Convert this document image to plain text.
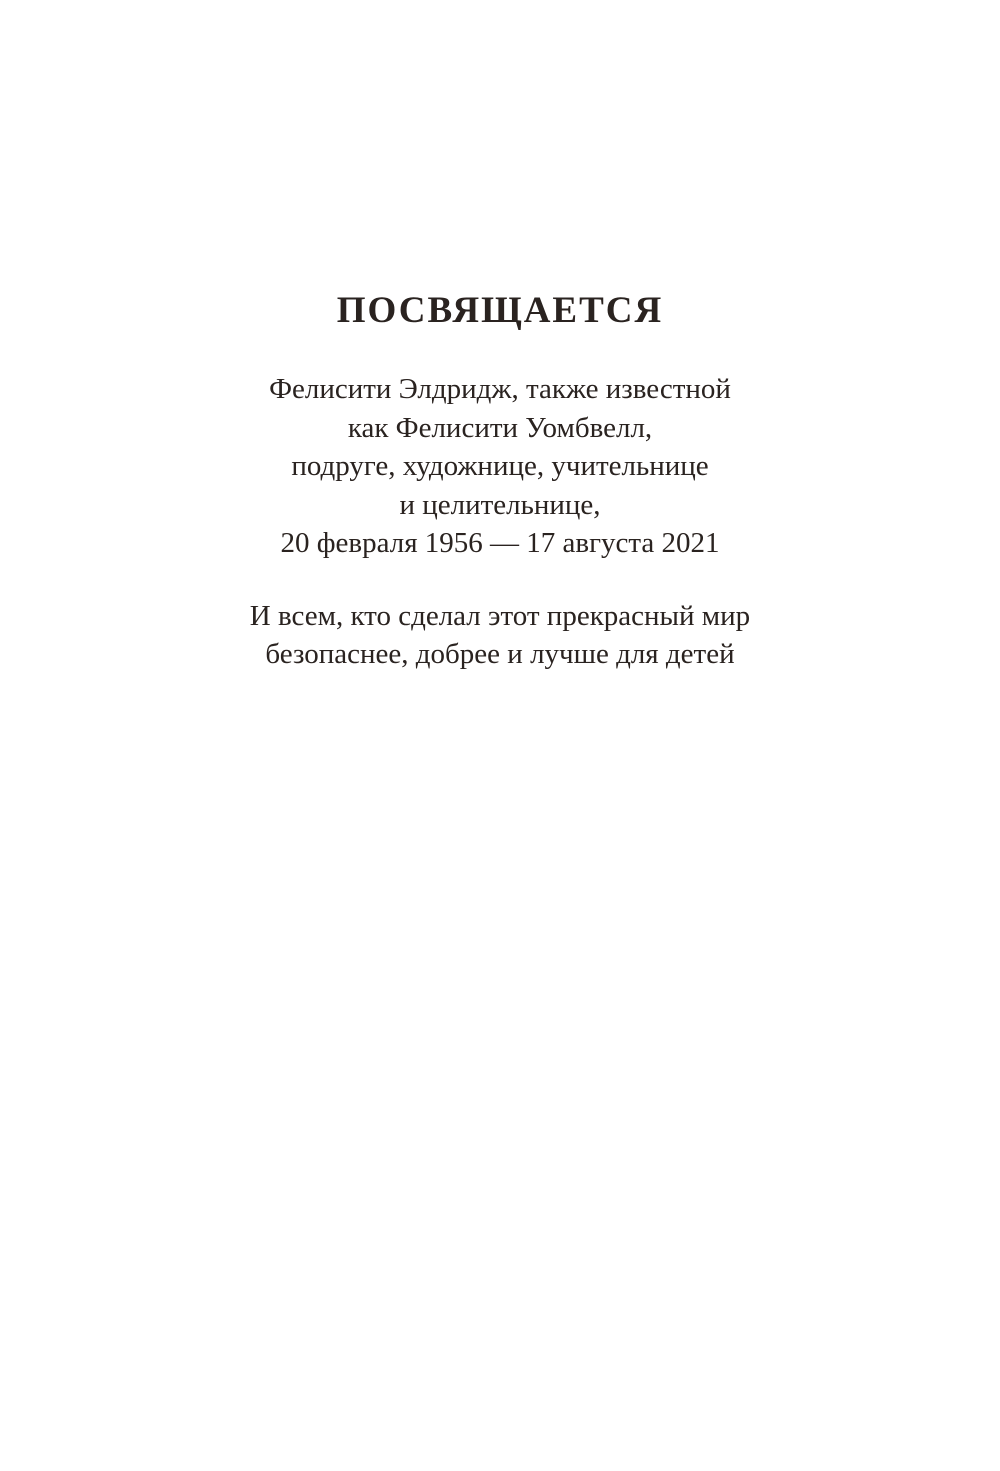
ПОСВЯЩАЕТСЯ

Фелисити Элдридж, также известной
как Фелисити Уомбвелл,
подруге, художнице, учительнице
и целительнице,
20 февраля 1956 — 17 августа 2021

И всем, кто сделал этот прекрасный мир
безопаснее, добрее и лучше для детей
